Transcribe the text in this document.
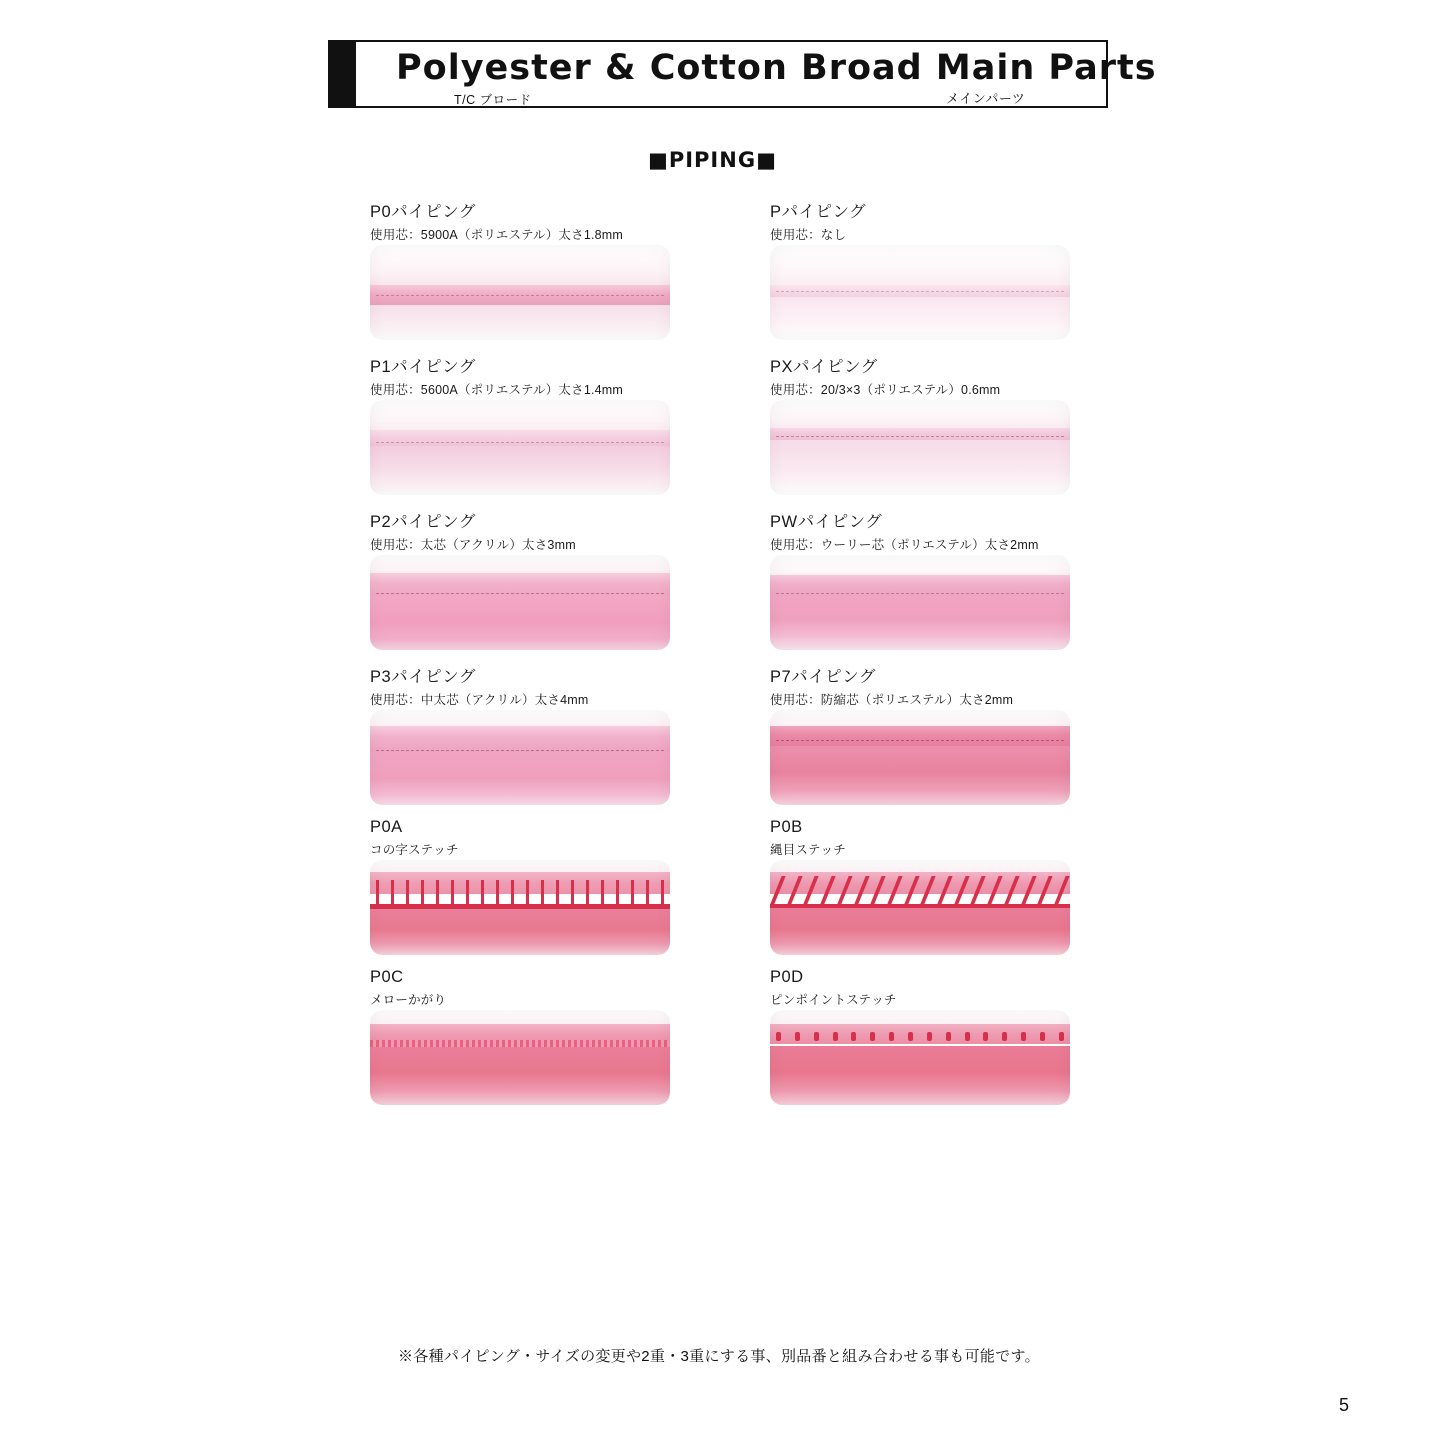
Polyester & Cotton Broad Main Parts
T/C ブロード	メインパーツ
■PIPING■
P0パイピング
使用芯：5900A（ポリエステル）太さ1.8mm
Pパイピング
使用芯：なし
P1パイピング
使用芯：5600A（ポリエステル）太さ1.4mm
PXパイピング
使用芯：20/3×3（ポリエステル）0.6mm
P2パイピング
使用芯：太芯（アクリル）太さ3mm
PWパイピング
使用芯：ウーリー芯（ポリエステル）太さ2mm
P3パイピング
使用芯：中太芯（アクリル）太さ4mm
P7パイピング
使用芯：防縮芯（ポリエステル）太さ2mm
P0A
コの字ステッチ
P0B
縄目ステッチ
P0C
メローかがり
P0D
ピンポイントステッチ
※各種パイピング・サイズの変更や2重・3重にする事、別品番と組み合わせる事も可能です。
5
